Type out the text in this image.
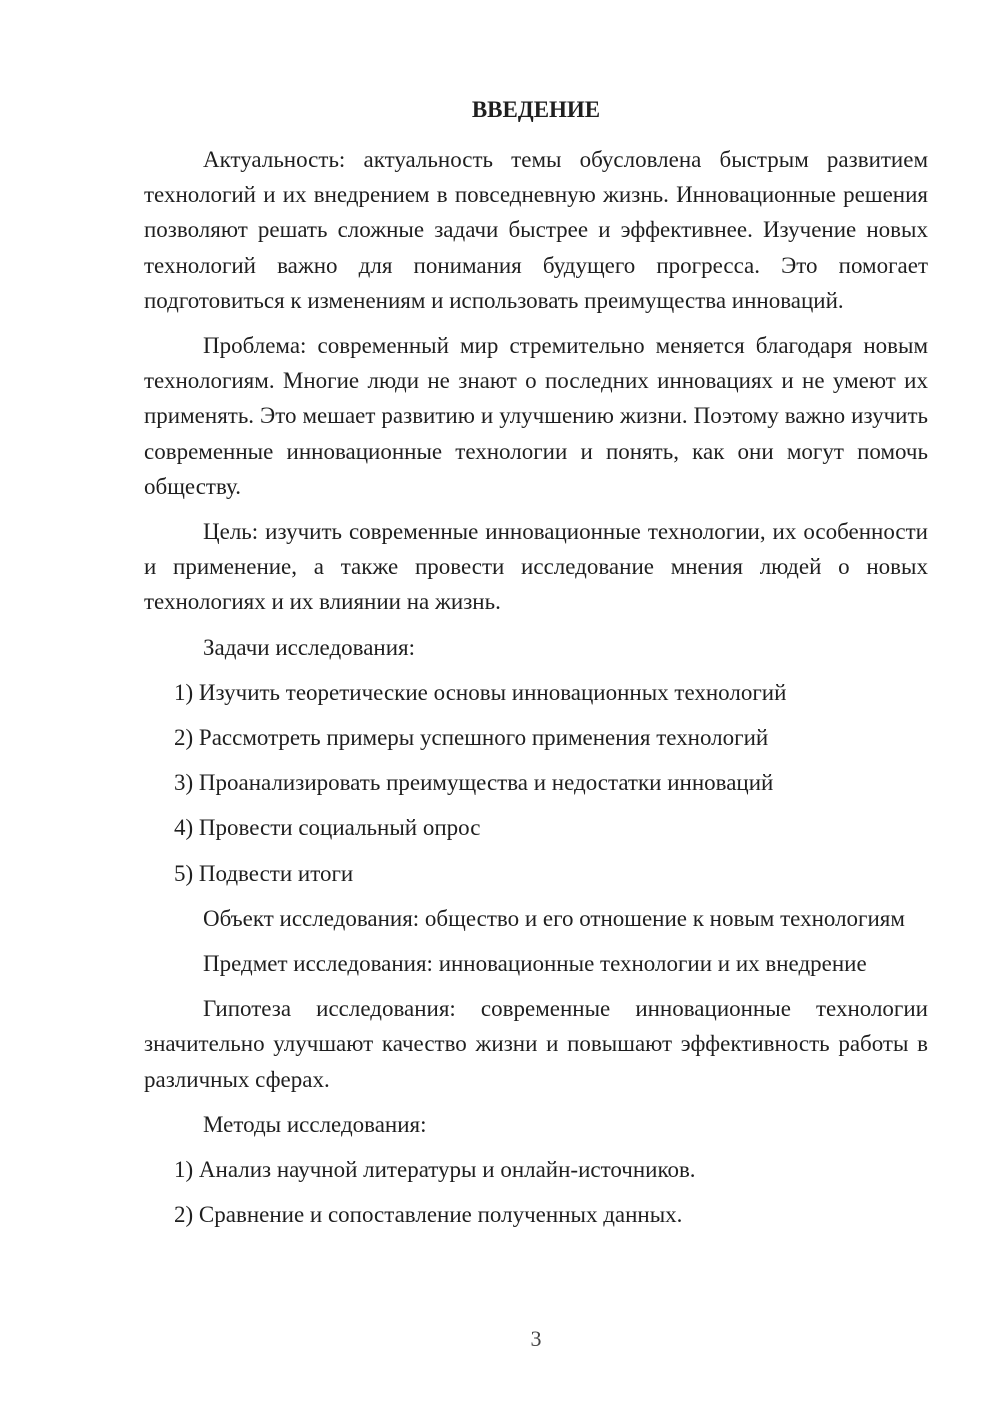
ВВЕДЕНИЕ

Актуальность: актуальность темы обусловлена быстрым развитием технологий и их внедрением в повседневную жизнь. Инновационные решения позволяют решать сложные задачи быстрее и эффективнее. Изучение новых технологий важно для понимания будущего прогресса. Это помогает подготовиться к изменениям и использовать преимущества инноваций.

Проблема: современный мир стремительно меняется благодаря новым технологиям. Многие люди не знают о последних инновациях и не умеют их применять. Это мешает развитию и улучшению жизни. Поэтому важно изучить современные инновационные технологии и понять, как они могут помочь обществу.

Цель: изучить современные инновационные технологии, их особенности и применение, а также провести исследование мнения людей о новых технологиях и их влиянии на жизнь.

Задачи исследования:

1) Изучить теоретические основы инновационных технологий

2) Рассмотреть примеры успешного применения технологий

3) Проанализировать преимущества и недостатки инноваций

4) Провести социальный опрос

5) Подвести итоги

Объект исследования: общество и его отношение к новым технологиям

Предмет исследования: инновационные технологии и их внедрение

Гипотеза исследования: современные инновационные технологии значительно улучшают качество жизни и повышают эффективность работы в различных сферах.

Методы исследования:

1) Анализ научной литературы и онлайн-источников.

2) Сравнение и сопоставление полученных данных.

3
